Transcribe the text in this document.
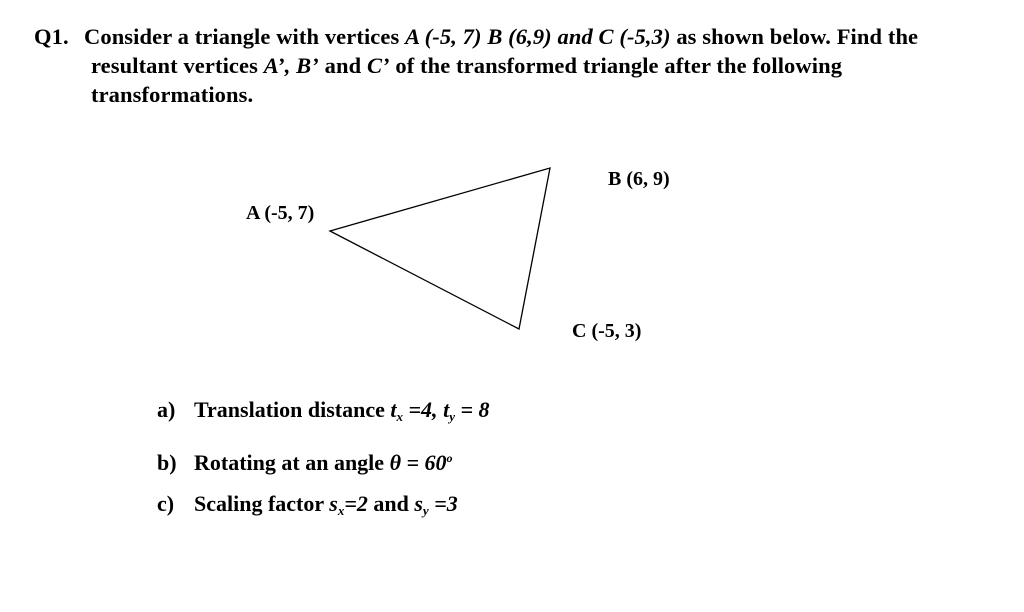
Q1. Consider a triangle with vertices A (-5, 7) B (6,9) and C (-5,3) as shown below. Find the
resultant vertices A’, B’ and C’ of the transformed triangle after the following
transformations.
A (-5, 7)
B (6, 9)
C (-5, 3)
a) Translation distance $t_x =4$, $t_y = 8$
b) Rotating at an angle $\theta = 60^o$
c) Scaling factor $s_x=2$ and $s_y =3$
